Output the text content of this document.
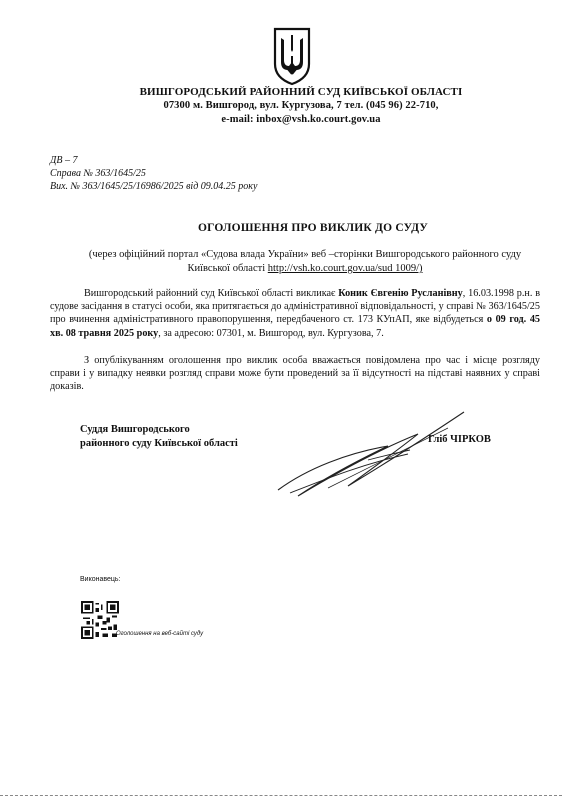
ВИШГОРОДСЬКИЙ РАЙОННИЙ СУД КИЇВСЬКОЇ ОБЛАСТІ
07300 м. Вишгород, вул. Кургузова, 7 тел. (045 96) 22-710,
e-mail: inbox@vsh.ko.court.gov.ua
ДВ – 7
Справа № 363/1645/25
Вих. № 363/1645/25/16986/2025 від 09.04.25 року
ОГОЛОШЕННЯ ПРО ВИКЛИК ДО СУДУ
(через офіційний портал «Судова влада України» веб –сторінки Вишгородського районного суду Київської області http://vsh.ko.court.gov.ua/sud 1009/)
Вишгородський районний суд Київської області викликає Коник Євгенію Русланівну, 16.03.1998 р.н. в судове засідання в статусі особи, яка притягається до адміністративної відповідальності, у справі № 363/1645/25 про вчинення адміністративного правопорушення, передбаченого ст. 173 КУпАП, яке відбудеться о 09 год. 45 хв. 08 травня 2025 року, за адресою: 07301, м. Вишгород, вул. Кургузова, 7.
З опублікуванням оголошення про виклик особа вважається повідомлена про час і місце розгляду справи і у випадку неявки розгляд справи може бути проведений за її відсутності на підставі наявних у справі доказів.
Суддя Вишгородського
районного суду Київської області	Гліб ЧІРКОВ
Виконавець:
Оголошення на веб-сайті суду
